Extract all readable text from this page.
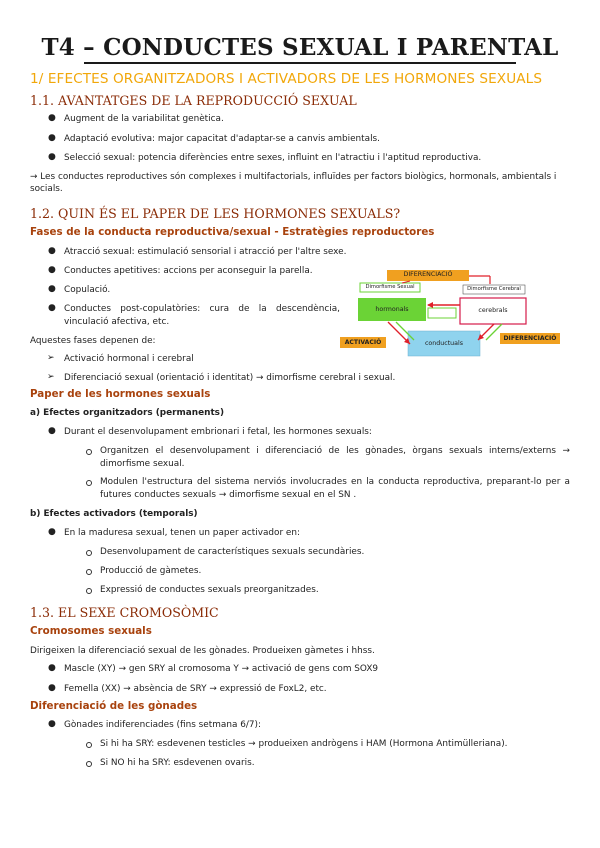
T4 – CONDUCTES SEXUAL I PARENTAL
1/ EFECTES ORGANITZADORS I ACTIVADORS DE LES HORMONES SEXUALS
1.1. AVANTATGES DE LA REPRODUCCIÓ SEXUAL
● Augment de la variabilitat genètica.
● Adaptació evolutiva: major capacitat d'adaptar-se a canvis ambientals.
● Selecció sexual: potencia diferències entre sexes, influint en l'atractiu i l'aptitud reproductiva.
→ Les conductes reproductives són complexes i multifactorials, influïdes per factors biològics, hormonals, ambientals i
socials.
1.2. QUIN ÉS EL PAPER DE LES HORMONES SEXUALS?
Fases de la conducta reproductiva/sexual - Estratègies reproductores
● Atracció sexual: estimulació sensorial i atracció per l'altre sexe.
● Conductes apetitives: accions per aconseguir la parella.
● Copulació.
● Conductes post-copulatòries: cura de la descendència,
vinculació afectiva, etc.
Aquestes fases depenen de:
➢ Activació hormonal i cerebral
➢ Diferenciació sexual (orientació i identitat) → dimorfisme cerebral i sexual.
DIFERENCIACIÓ
Dimorfisme Sexual	Dimorfisme Cerebral
hormonals	cerebrals
conductuals
ACTIVACIÓ
DIFERENCIACIÓ
Paper de les hormones sexuals
a) Efectes organitzadors (permanents)
● Durant el desenvolupament embrionari i fetal, les hormones sexuals:
Organitzen el desenvolupament i diferenciació de les gònades, òrgans sexuals interns/externs →
dimorfisme sexual.
Modulen l'estructura del sistema nerviós involucrades en la conducta reproductiva, preparant-lo per a
futures conductes sexuals → dimorfisme sexual en el SN .
b) Efectes activadors (temporals)
● En la maduresa sexual, tenen un paper activador en:
Desenvolupament de característiques sexuals secundàries.
Producció de gàmetes.
Expressió de conductes sexuals preorganitzades.
1.3. EL SEXE CROMOSÒMIC
Cromosomes sexuals
Dirigeixen la diferenciació sexual de les gònades. Produeixen gàmetes i hhss.
● Mascle (XY) → gen SRY al cromosoma Y → activació de gens com SOX9
● Femella (XX) → absència de SRY → expressió de FoxL2, etc.
Diferenciació de les gònades
● Gònades indiferenciades (fins setmana 6/7):
Si hi ha SRY: esdevenen testicles → produeixen andrògens i HAM (Hormona Antimülleriana).
Si NO hi ha SRY: esdevenen ovaris.
